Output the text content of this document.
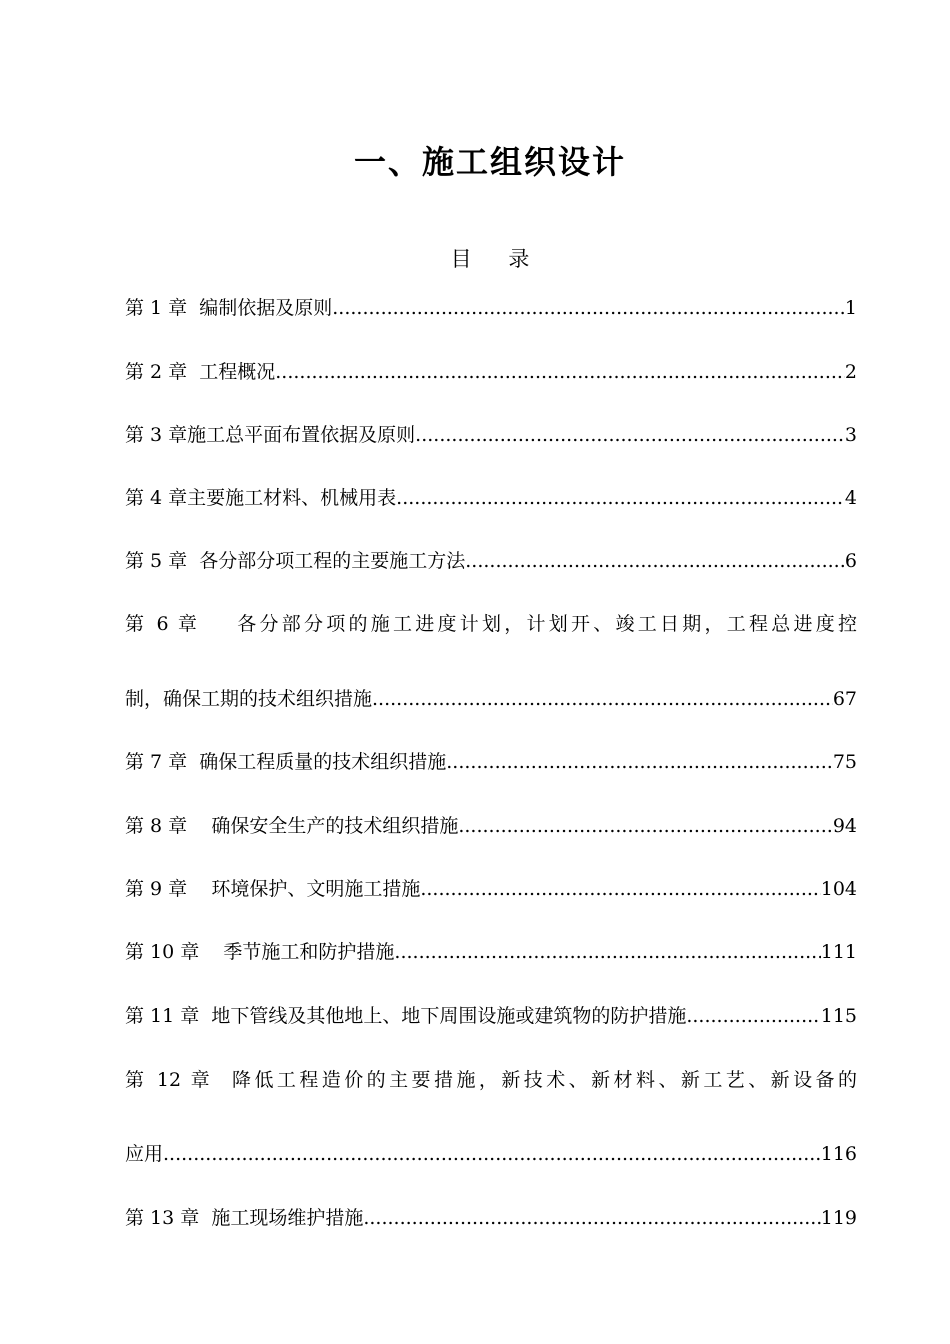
一、施工组织设计
目 录
第 1 章  编制依据及原则 .....	1
第 2 章  工程概况 .....	2
第 3 章施工总平面布置依据及原则 .....	3
第 4 章主要施工材料、机械用表 .....	4
第 5 章  各分部分项工程的主要施工方法 .....	6
第 6 章    各分部分项的施工进度计划，计划开、竣工日期，工程总进度控
制，确保工期的技术组织措施 .....	67
第 7 章  确保工程质量的技术组织措施 .....	75
第 8 章    确保安全生产的技术组织措施 .....	94
第 9 章    环境保护、文明施工措施 .....	104
第 10 章    季节施工和防护措施 .....	111
第 11 章  地下管线及其他地上、地下周围设施或建筑物的防护措施 .....	115
第 12 章  降低工程造价的主要措施，新技术、新材料、新工艺、新设备的
应用 .....	116
第 13 章  施工现场维护措施 .....	119
